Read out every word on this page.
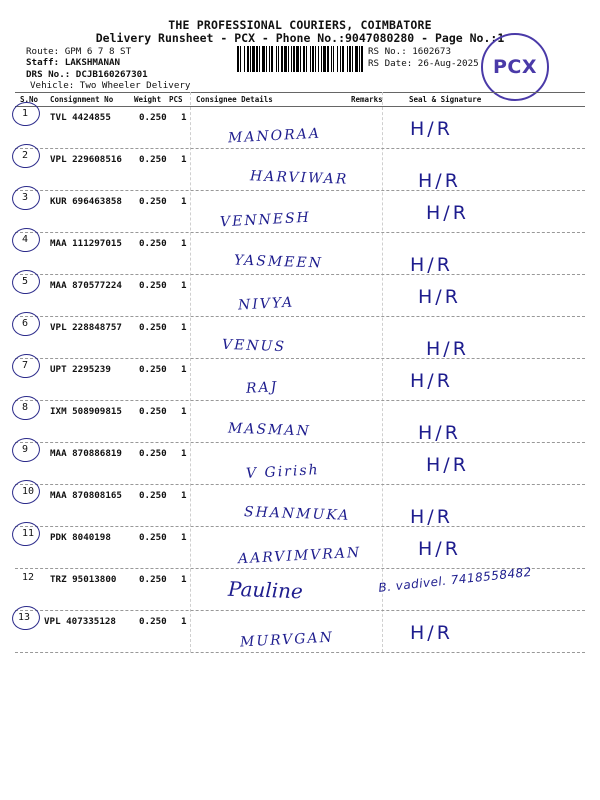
THE PROFESSIONAL COURIERS, COIMBATORE
Delivery Runsheet - PCX - Phone No.:9047080280 - Page No.:1
Route: GPM 6 7 8 ST
Staff: LAKSHMANAN
DRS No.: DCJB160267301
Vehicle: Two Wheeler Delivery
RS No.: 1602673
RS Date: 26-Aug-2025 PCX
S.No Consignment No	Weight PCS Consignee Details	Remarks	Seal & Signature
1 TVL 4424855	0.250 1
MANORAA	H/R
2 VPL 229608516 0.250 1
HARVIWAR	H/R
3 KUR 696463858 0.250 1
VENNESH	H/R
4 MAA 111297015 0.250 1
YASMEEN	H/R
5 MAA 870577224 0.250 1
NIVYA	H/R
6 VPL 228848757 0.250 1
VENUS	H/R
7 UPT 2295239	0.250 1
RAJ	H/R
8 IXM 508909815 0.250 1
MASMAN	H/R
9 MAA 870886819 0.250 1
V Girish	H/R
10 MAA 870808165 0.250 1
SHANMUKA	H/R
11 PDK 8040198	0.250 1
AARVIMVRAN	H/R
12 TRZ 95013800 0.250 1 Pauline	B. vadivel. 7418558482
13 VPL 407335128	0.250 1
MURVGAN	H/R
